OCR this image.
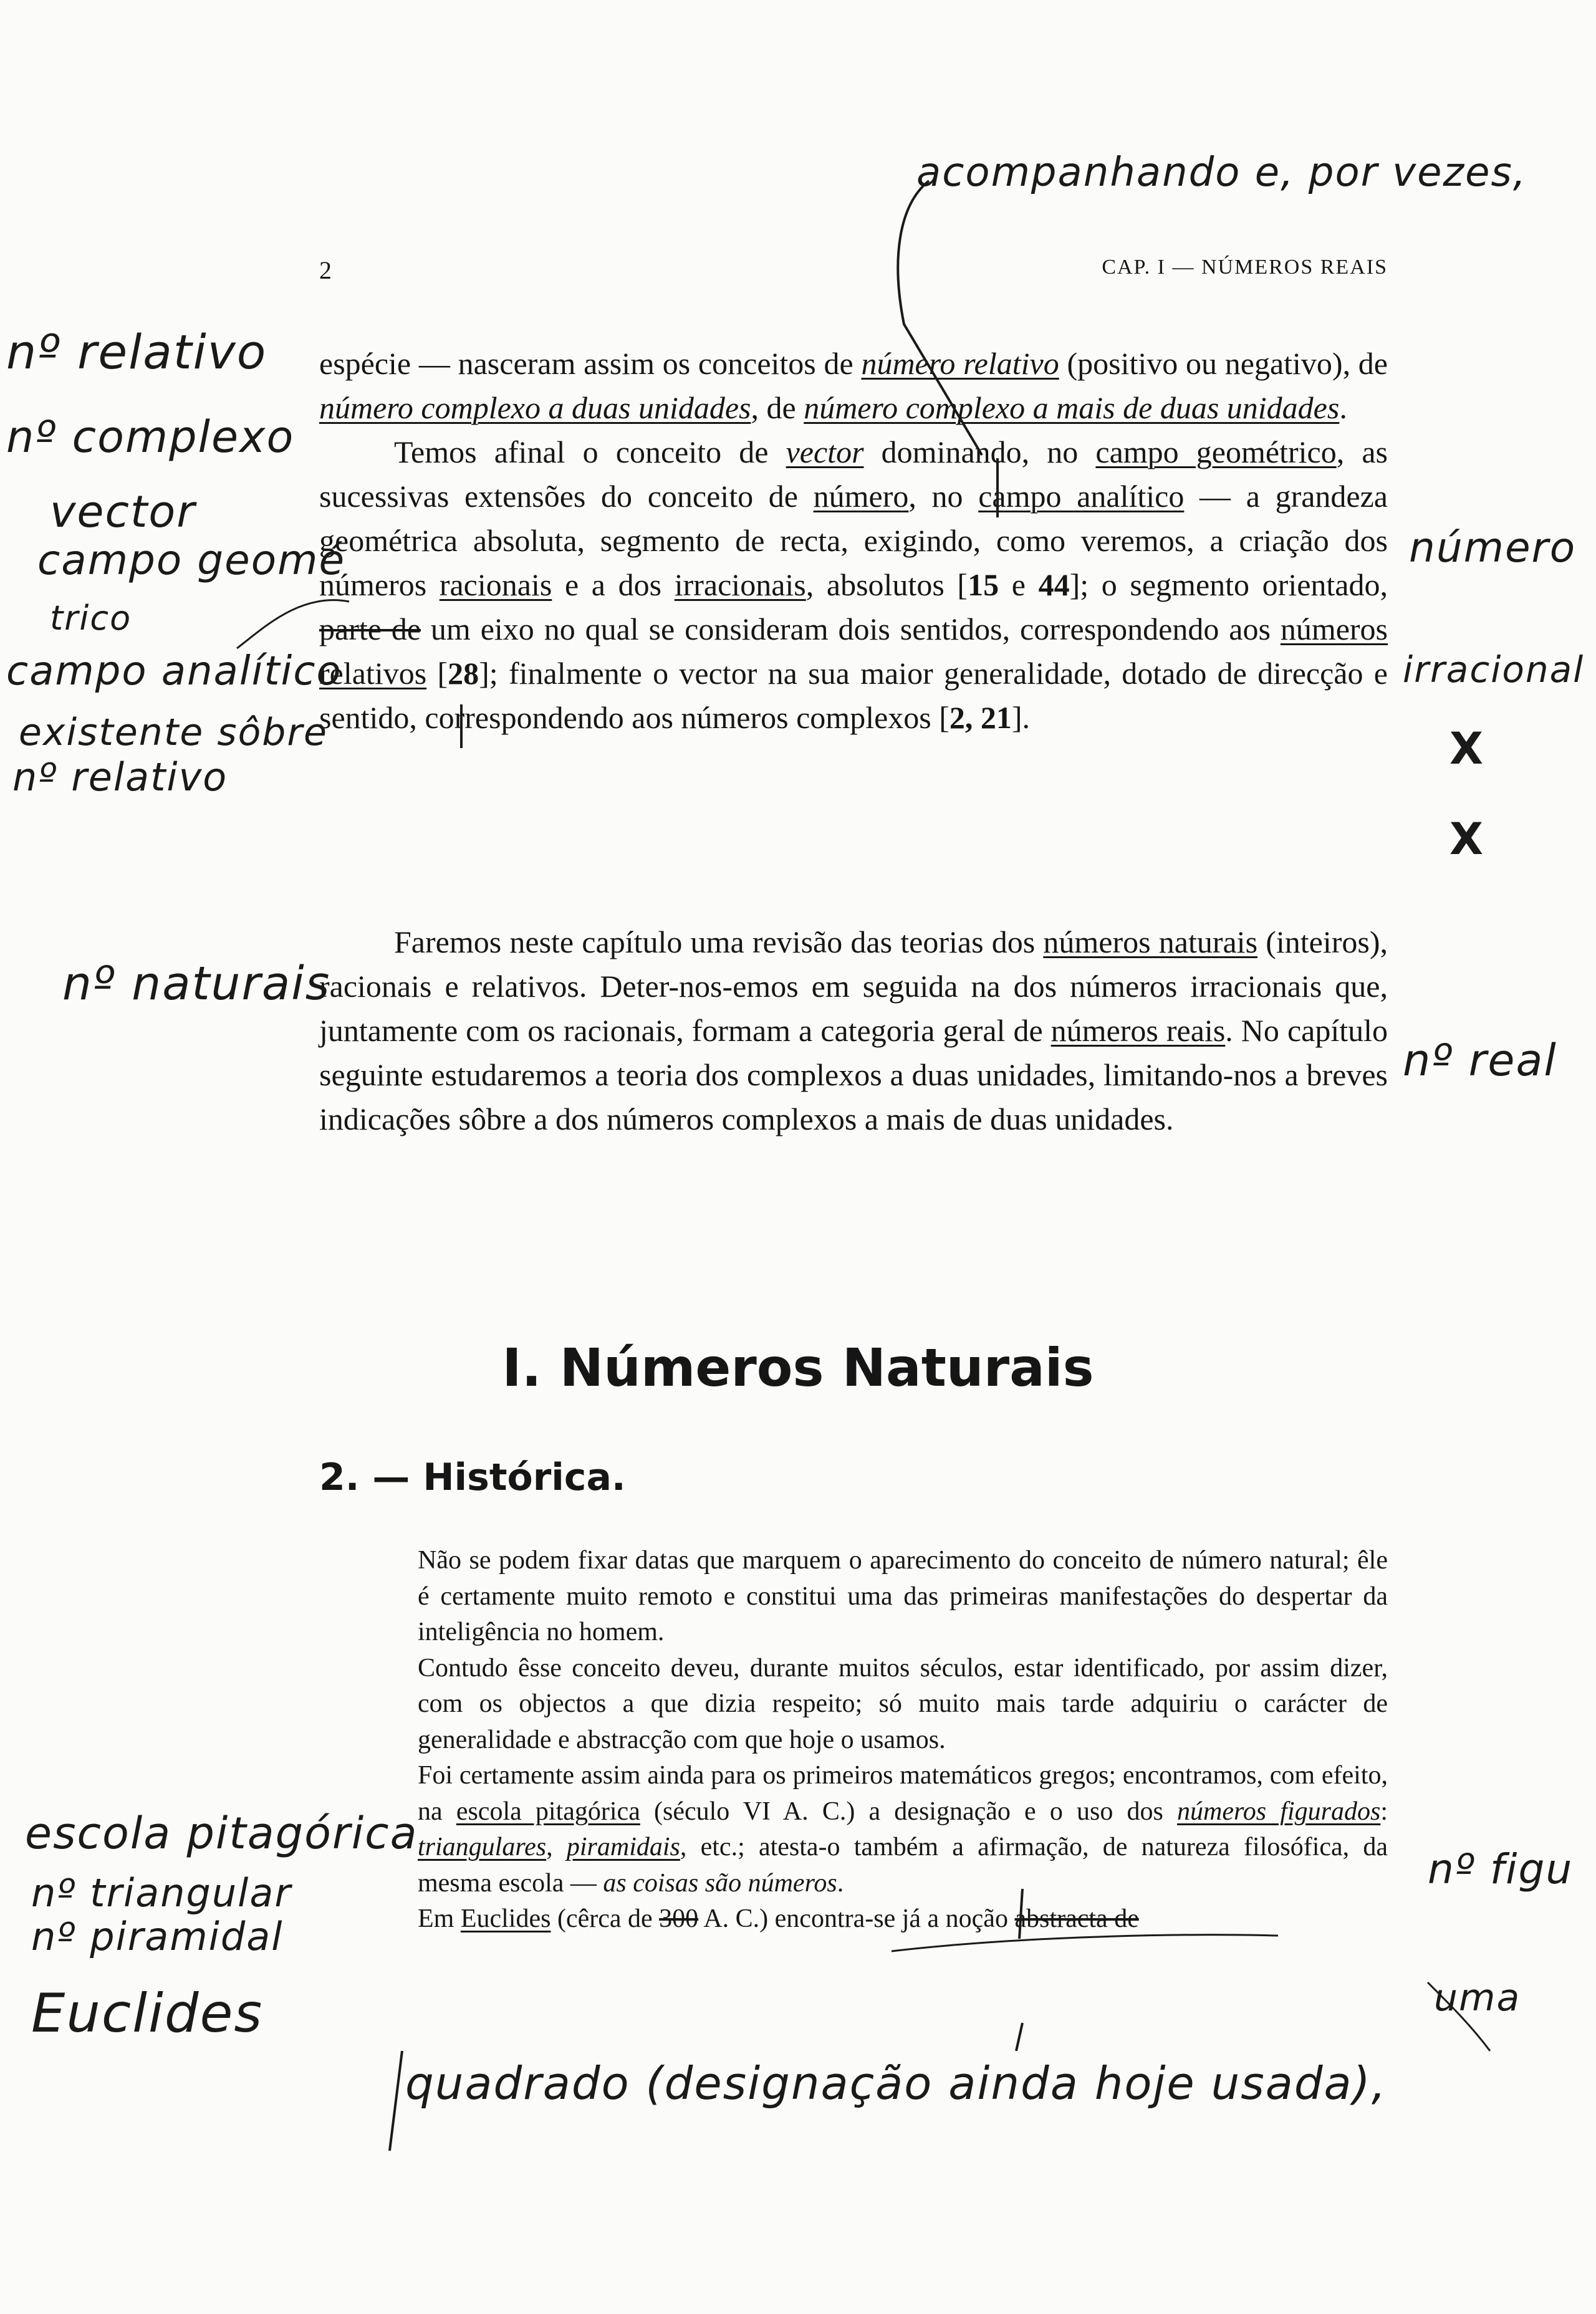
2	CAP. I — NÚMEROS REAIS

espécie — nasceram assim os conceitos de número relativo (positivo ou negativo), de número complexo a duas unidades, de número complexo a mais de duas unidades.

Temos afinal o conceito de vector dominando, no campo geométrico, as sucessivas extensões do conceito de número, no campo analítico — a grandeza geométrica absoluta, segmento de recta, exigindo, como veremos, a criação dos números racionais e a dos irracionais, absolutos [15 e 44]; o segmento orientado, parte de um eixo no qual se consideram dois sentidos, correspondendo aos números relativos [28]; finalmente o vector na sua maior generalidade, dotado de direcção e sentido, correspondendo aos números complexos [2, 21].

Faremos neste capítulo uma revisão das teorias dos números naturais (inteiros), racionais e relativos. Deter-nos-emos em seguida na dos números irracionais que, juntamente com os racionais, formam a categoria geral de números reais. No capítulo seguinte estudaremos a teoria dos complexos a duas unidades, limitando-nos a breves indicações sôbre a dos números complexos a mais de duas unidades.

I. Números Naturais
2. — Histórica.

Não se podem fixar datas que marquem o aparecimento do conceito de número natural; êle é certamente muito remoto e constitui uma das primeiras manifestações do despertar da inteligência no homem.

Contudo êsse conceito deveu, durante muitos séculos, estar identificado, por assim dizer, com os objectos a que dizia respeito; só muito mais tarde adquiriu o carácter de generalidade e abstracção com que hoje o usamos.

Foi certamente assim ainda para os primeiros matemáticos gregos; encontramos, com efeito, na escola pitagórica (século VI A. C.) a designação e o uso dos números figurados: triangulares, piramidais, etc.; atesta-o também a afirmação, de natureza filosófica, da mesma escola — as coisas são números.

Em Euclides (cêrca de 300 A. C.) encontra-se já a noção abstracta de

acompanhando e, por vezes,
nº relativo
nº complexo
vector
campo geomé
trico
campo analítico
existente sôbre
nº relativo
número
irracional
X
X
nº naturais
nº real
escola pitagórica
nº triangular
nº piramidal
Euclides
nº figu
uma
quadrado (designação ainda hoje usada),
